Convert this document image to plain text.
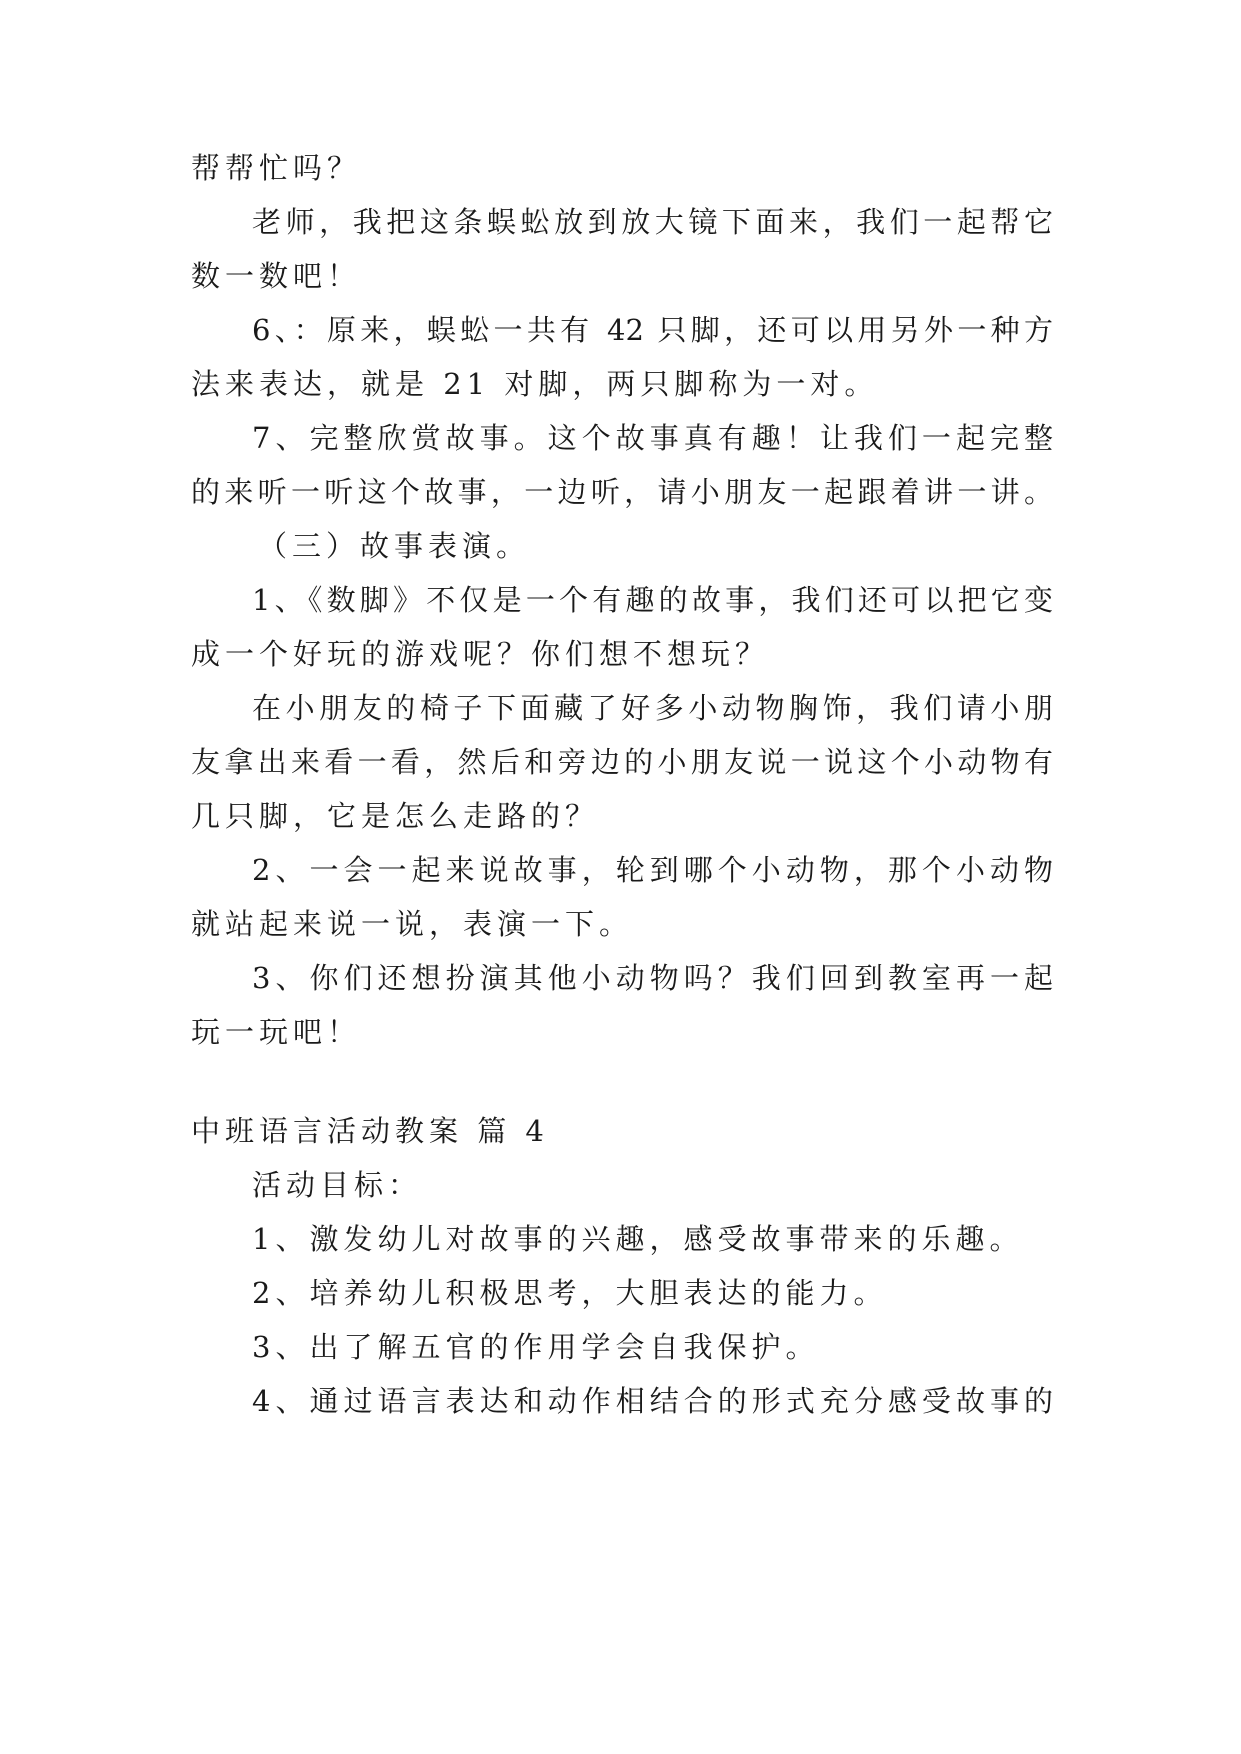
帮帮忙吗？
老师，我把这条蜈蚣放到放大镜下面来，我们一起帮它
数一数吧！
6、：原来，蜈蚣一共有 42 只脚，还可以用另外一种方
法来表达，就是 21 对脚，两只脚称为一对。
7、完整欣赏故事。这个故事真有趣！让我们一起完整
的来听一听这个故事，一边听，请小朋友一起跟着讲一讲。
（三）故事表演。
1、《数脚》不仅是一个有趣的故事，我们还可以把它变
成一个好玩的游戏呢？你们想不想玩？
在小朋友的椅子下面藏了好多小动物胸饰，我们请小朋
友拿出来看一看，然后和旁边的小朋友说一说这个小动物有
几只脚，它是怎么走路的？
2、一会一起来说故事，轮到哪个小动物，那个小动物
就站起来说一说，表演一下。
3、你们还想扮演其他小动物吗？我们回到教室再一起
玩一玩吧！
中班语言活动教案 篇 4
活动目标：
1、激发幼儿对故事的兴趣，感受故事带来的乐趣。
2、培养幼儿积极思考，大胆表达的能力。
3、出了解五官的作用学会自我保护。
4、通过语言表达和动作相结合的形式充分感受故事的
